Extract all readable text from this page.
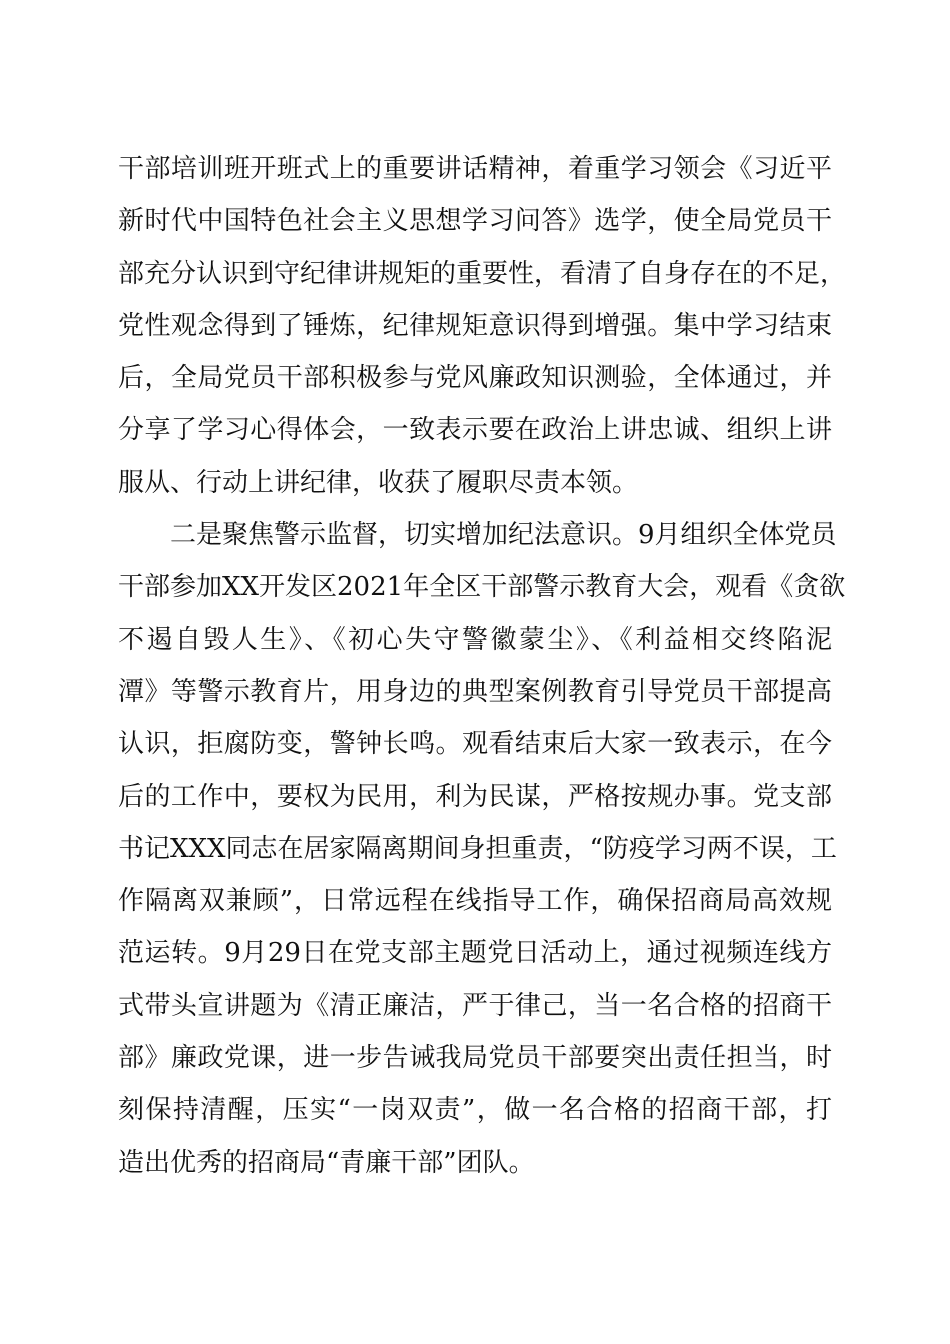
干部培训班开班式上的重要讲话精神，着重学习领会《习近平
新时代中国特色社会主义思想学习问答》选学，使全局党员干
部充分认识到守纪律讲规矩的重要性，看清了自身存在的不足，
党性观念得到了锤炼，纪律规矩意识得到增强。集中学习结束
后，全局党员干部积极参与党风廉政知识测验，全体通过，并
分享了学习心得体会，一致表示要在政治上讲忠诚、组织上讲
服从、行动上讲纪律，收获了履职尽责本领。
二是聚焦警示监督，切实增加纪法意识。9月组织全体党员
干部参加XX开发区2021年全区干部警示教育大会，观看《贪欲
不遏自毁人生》、《初心失守警徽蒙尘》、《利益相交终陷泥
潭》等警示教育片，用身边的典型案例教育引导党员干部提高
认识，拒腐防变，警钟长鸣。观看结束后大家一致表示，在今
后的工作中，要权为民用，利为民谋，严格按规办事。党支部
书记XXX同志在居家隔离期间身担重责，“防疫学习两不误，工
作隔离双兼顾”，日常远程在线指导工作，确保招商局高效规
范运转。9月29日在党支部主题党日活动上，通过视频连线方
式带头宣讲题为《清正廉洁，严于律己，当一名合格的招商干
部》廉政党课，进一步告诫我局党员干部要突出责任担当，时
刻保持清醒，压实“一岗双责”，做一名合格的招商干部，打
造出优秀的招商局“青廉干部”团队。
